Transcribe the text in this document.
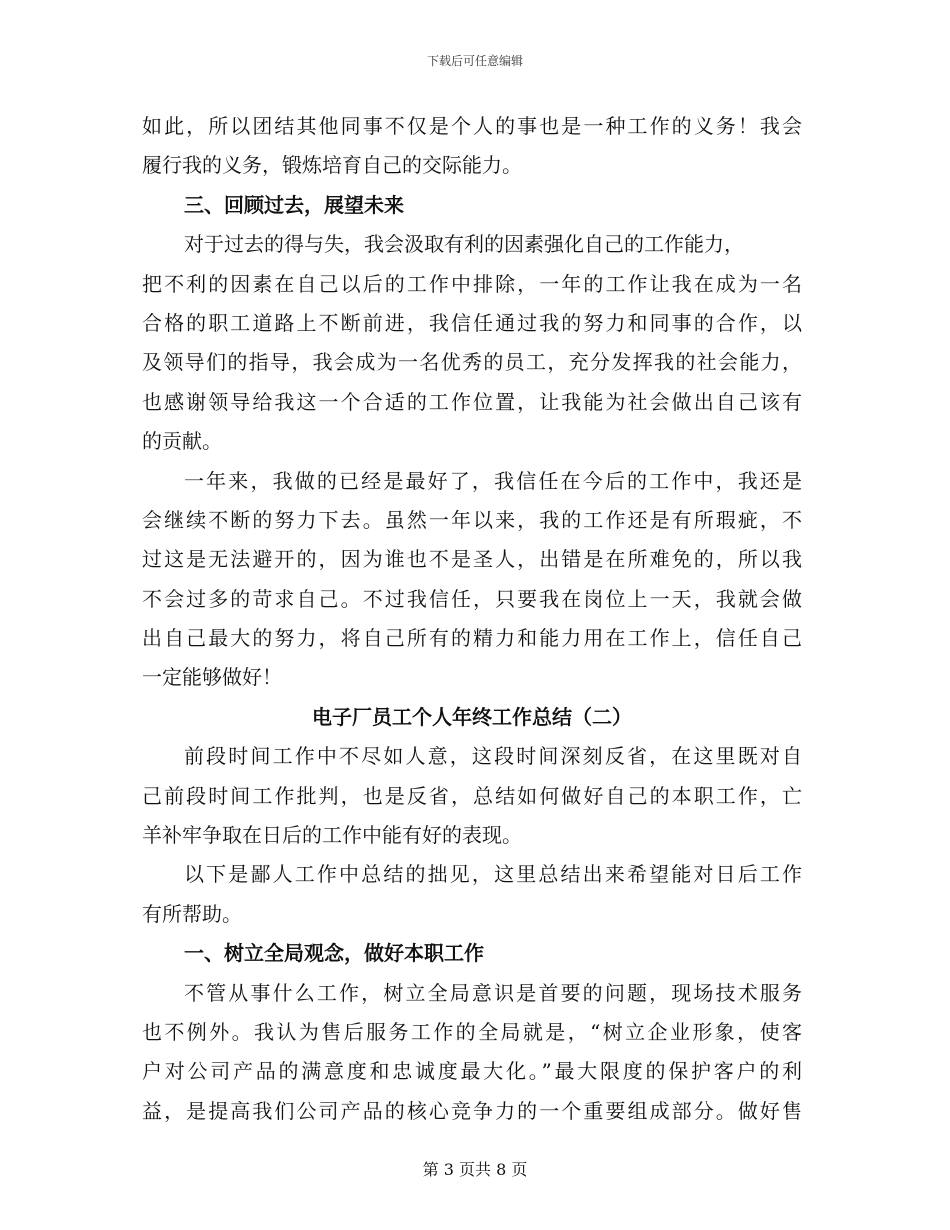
下载后可任意编辑
如此，所以团结其他同事不仅是个人的事也是一种工作的义务！我会
履行我的义务，锻炼培育自己的交际能力。
三、回顾过去，展望未来
对于过去的得与失，我会汲取有利的因素强化自己的工作能力，
把不利的因素在自己以后的工作中排除，一年的工作让我在成为一名
合格的职工道路上不断前进，我信任通过我的努力和同事的合作，以
及领导们的指导，我会成为一名优秀的员工，充分发挥我的社会能力，
也感谢领导给我这一个合适的工作位置，让我能为社会做出自己该有
的贡献。
一年来，我做的已经是最好了，我信任在今后的工作中，我还是
会继续不断的努力下去。虽然一年以来，我的工作还是有所瑕疵，不
过这是无法避开的，因为谁也不是圣人，出错是在所难免的，所以我
不会过多的苛求自己。不过我信任，只要我在岗位上一天，我就会做
出自己最大的努力，将自己所有的精力和能力用在工作上，信任自己
一定能够做好！
电子厂员工个人年终工作总结（二）
前段时间工作中不尽如人意，这段时间深刻反省，在这里既对自
己前段时间工作批判，也是反省，总结如何做好自己的本职工作，亡
羊补牢争取在日后的工作中能有好的表现。
以下是鄙人工作中总结的拙见，这里总结出来希望能对日后工作
有所帮助。
一、树立全局观念，做好本职工作
不管从事什么工作，树立全局意识是首要的问题，现场技术服务
也不例外。我认为售后服务工作的全局就是，“树立企业形象，使客
户对公司产品的满意度和忠诚度最大化。”最大限度的保护客户的利
益，是提高我们公司产品的核心竞争力的一个重要组成部分。做好售
第 3 页共 8 页
